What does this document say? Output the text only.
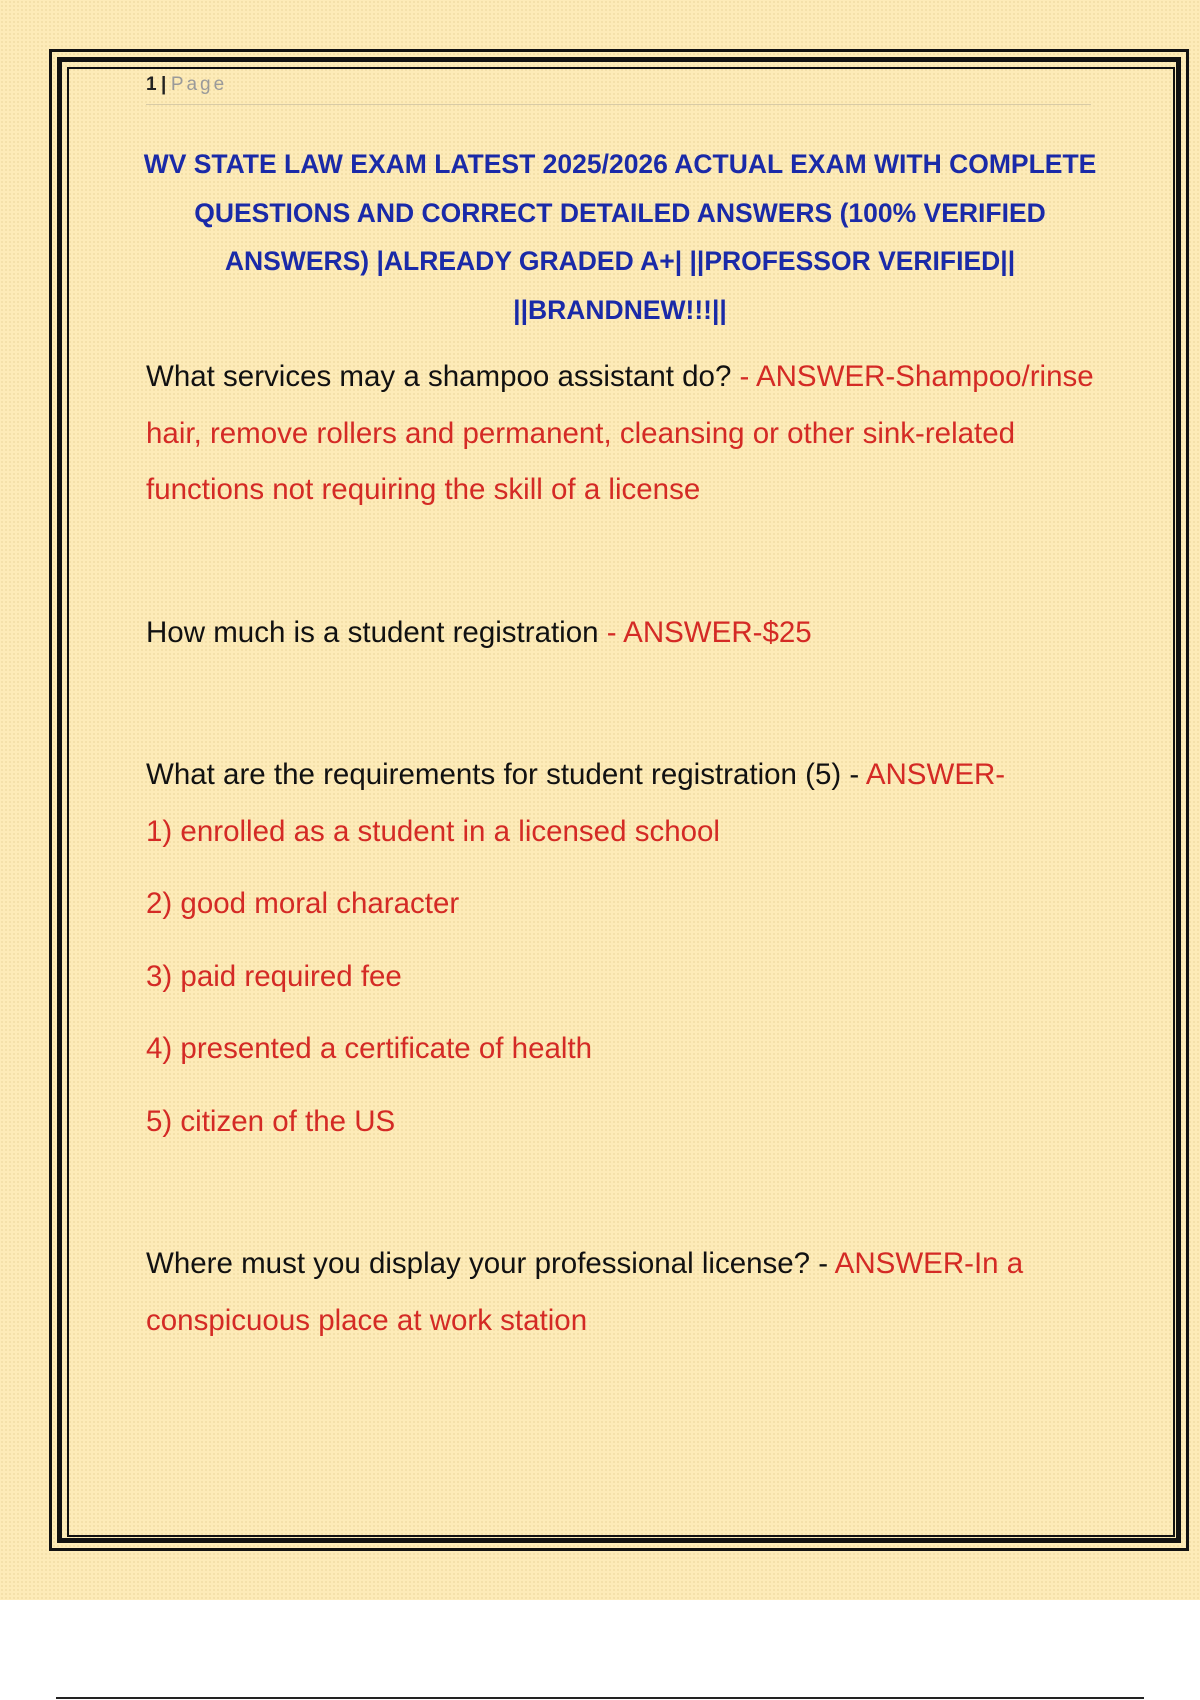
1 | Page
WV STATE LAW EXAM LATEST 2025/2026 ACTUAL EXAM WITH COMPLETE QUESTIONS AND CORRECT DETAILED ANSWERS (100% VERIFIED ANSWERS) |ALREADY GRADED A+| ||PROFESSOR VERIFIED|| ||BRANDNEW!!!||

What services may a shampoo assistant do? - ANSWER-Shampoo/rinse hair, remove rollers and permanent, cleansing or other sink-related functions not requiring the skill of a license

How much is a student registration - ANSWER-$25

What are the requirements for student registration (5) - ANSWER-

1) enrolled as a student in a licensed school

2) good moral character

3) paid required fee

4) presented a certificate of health

5) citizen of the US

Where must you display your professional license? - ANSWER-In a conspicuous place at work station
